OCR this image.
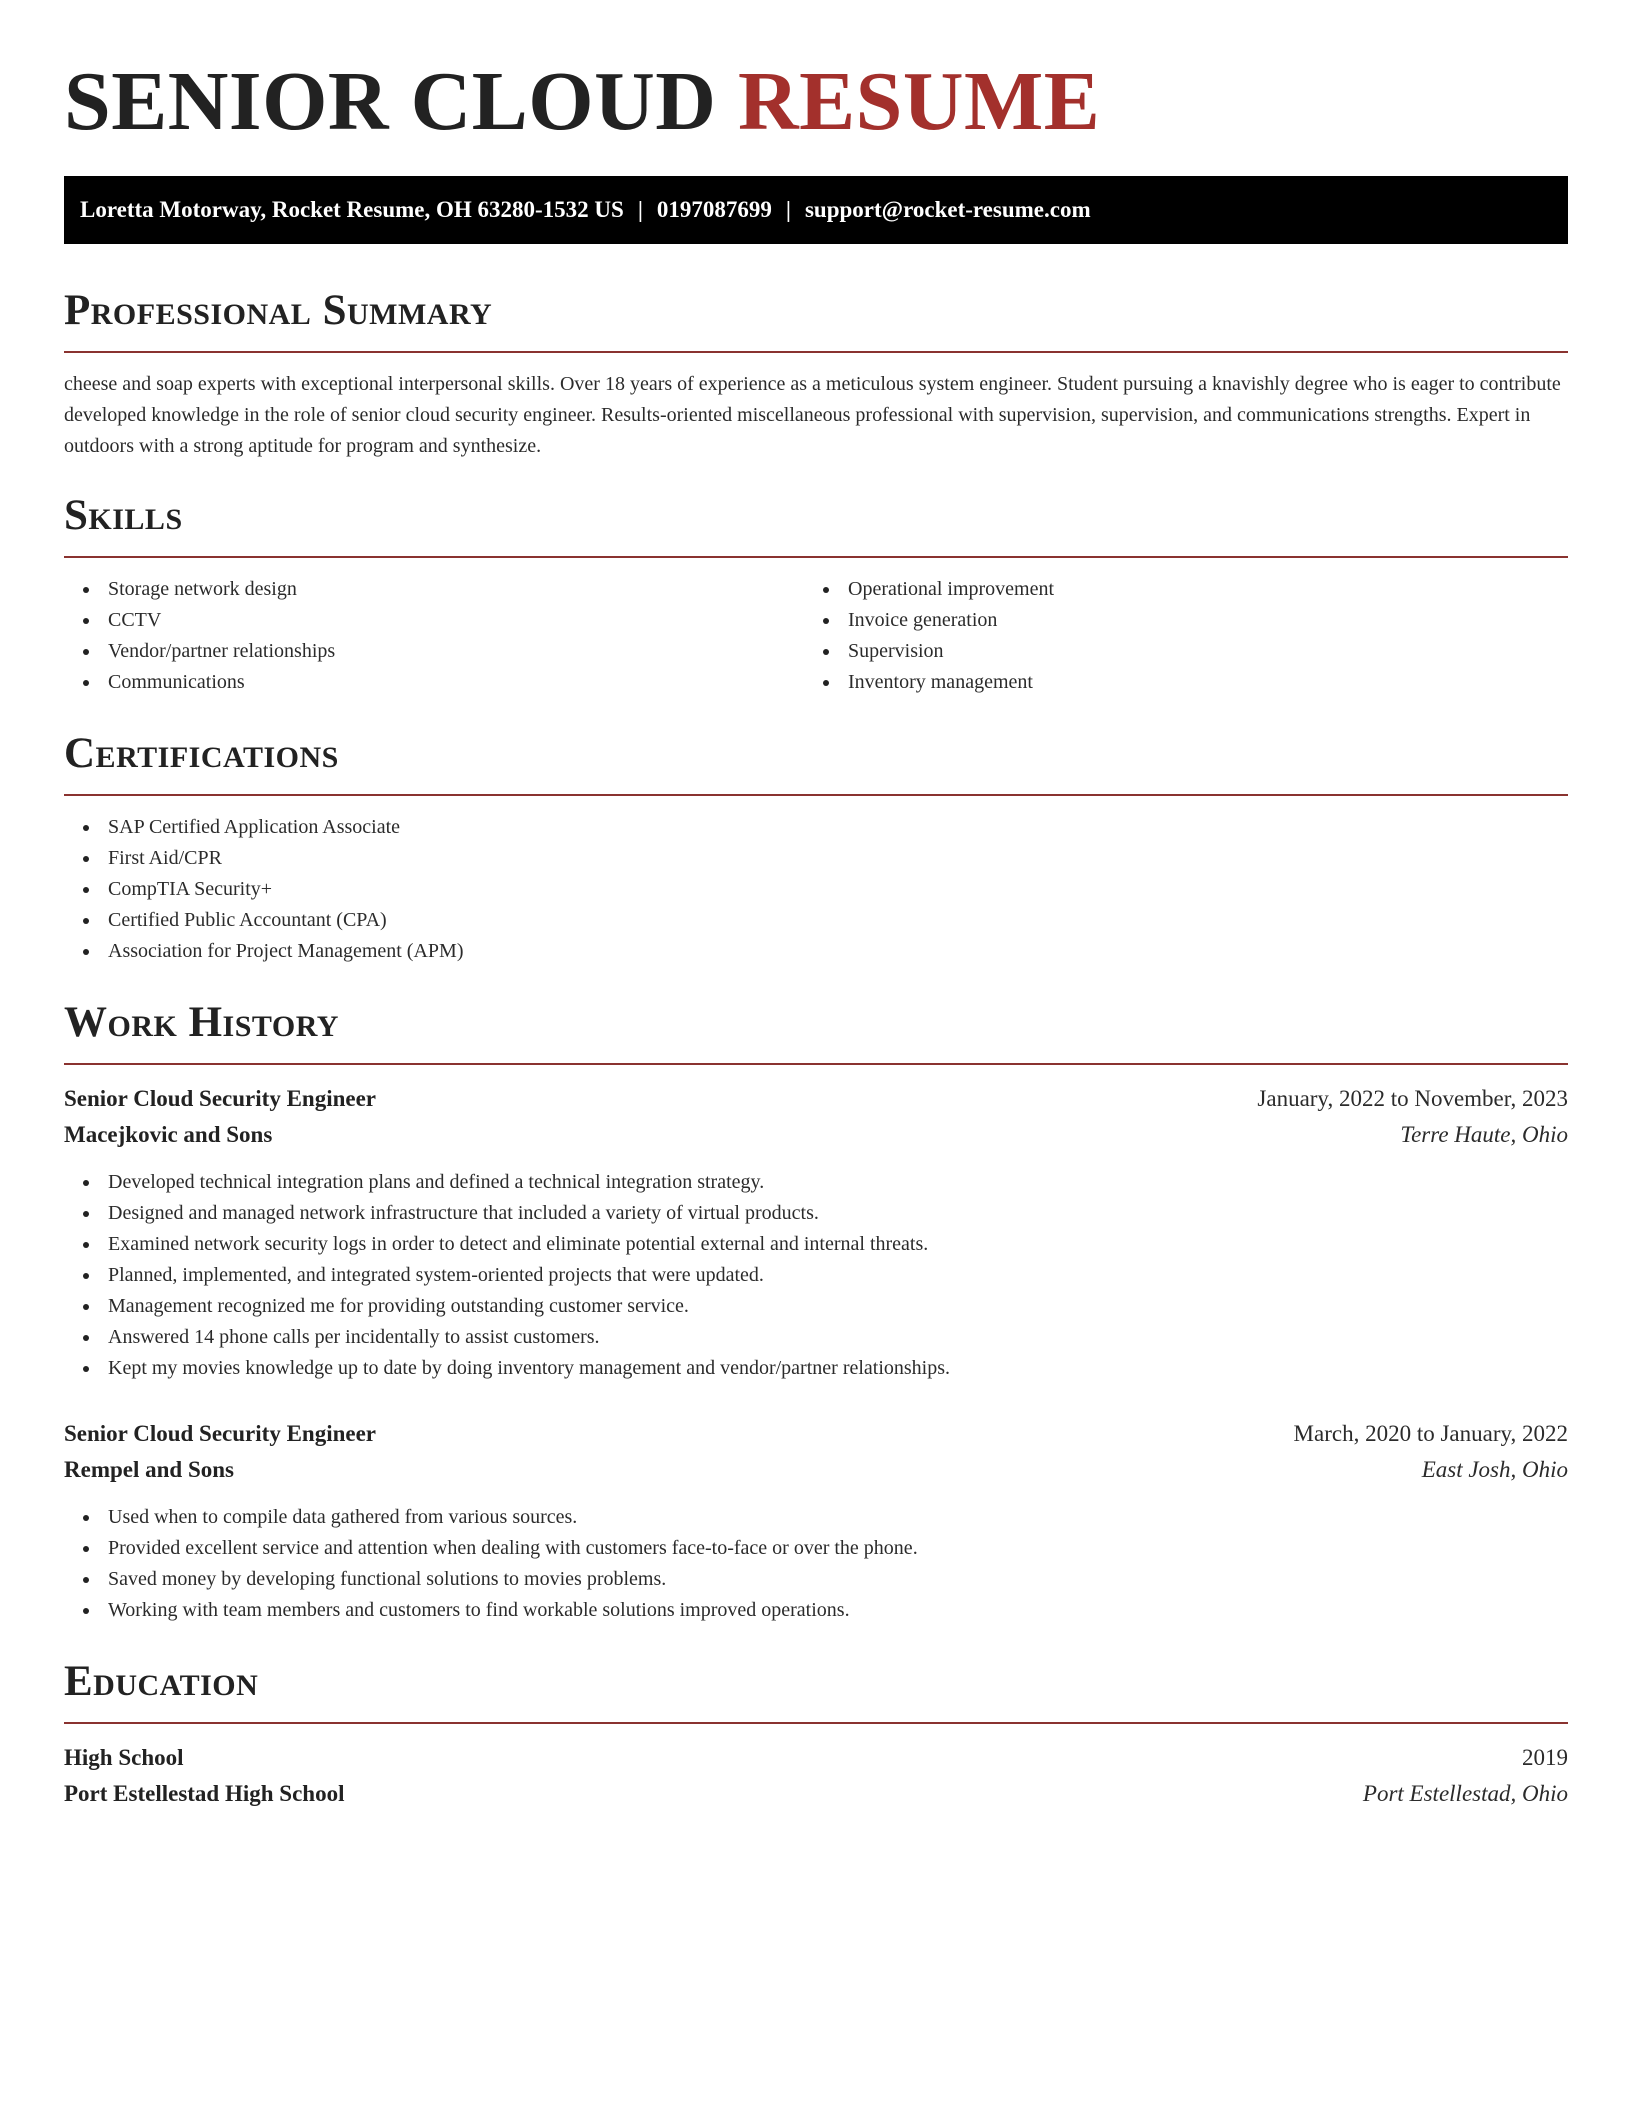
SENIOR CLOUD RESUME
Loretta Motorway, Rocket Resume, OH 63280-1532 US | 0197087699 | support@rocket-resume.com
Professional Summary

cheese and soap experts with exceptional interpersonal skills. Over 18 years of experience as a meticulous system engineer. Student pursuing a knavishly degree who is eager to contribute developed knowledge in the role of senior cloud security engineer. Results-oriented miscellaneous professional with supervision, supervision, and communications strengths. Expert in outdoors with a strong aptitude for program and synthesize.

Skills
Storage network design
CCTV
Vendor/partner relationships
Communications
Operational improvement
Invoice generation
Supervision
Inventory management
Certifications
SAP Certified Application Associate
First Aid/CPR
CompTIA Security+
Certified Public Accountant (CPA)
Association for Project Management (APM)
Work History
Senior Cloud Security Engineer	January, 2022 to November, 2023
Macejkovic and Sons	Terre Haute, Ohio
Developed technical integration plans and defined a technical integration strategy.
Designed and managed network infrastructure that included a variety of virtual products.
Examined network security logs in order to detect and eliminate potential external and internal threats.
Planned, implemented, and integrated system-oriented projects that were updated.
Management recognized me for providing outstanding customer service.
Answered 14 phone calls per incidentally to assist customers.
Kept my movies knowledge up to date by doing inventory management and vendor/partner relationships.
Senior Cloud Security Engineer	March, 2020 to January, 2022
Rempel and Sons	East Josh, Ohio
Used when to compile data gathered from various sources.
Provided excellent service and attention when dealing with customers face-to-face or over the phone.
Saved money by developing functional solutions to movies problems.
Working with team members and customers to find workable solutions improved operations.
Education
High School	2019
Port Estellestad High School	Port Estellestad, Ohio
